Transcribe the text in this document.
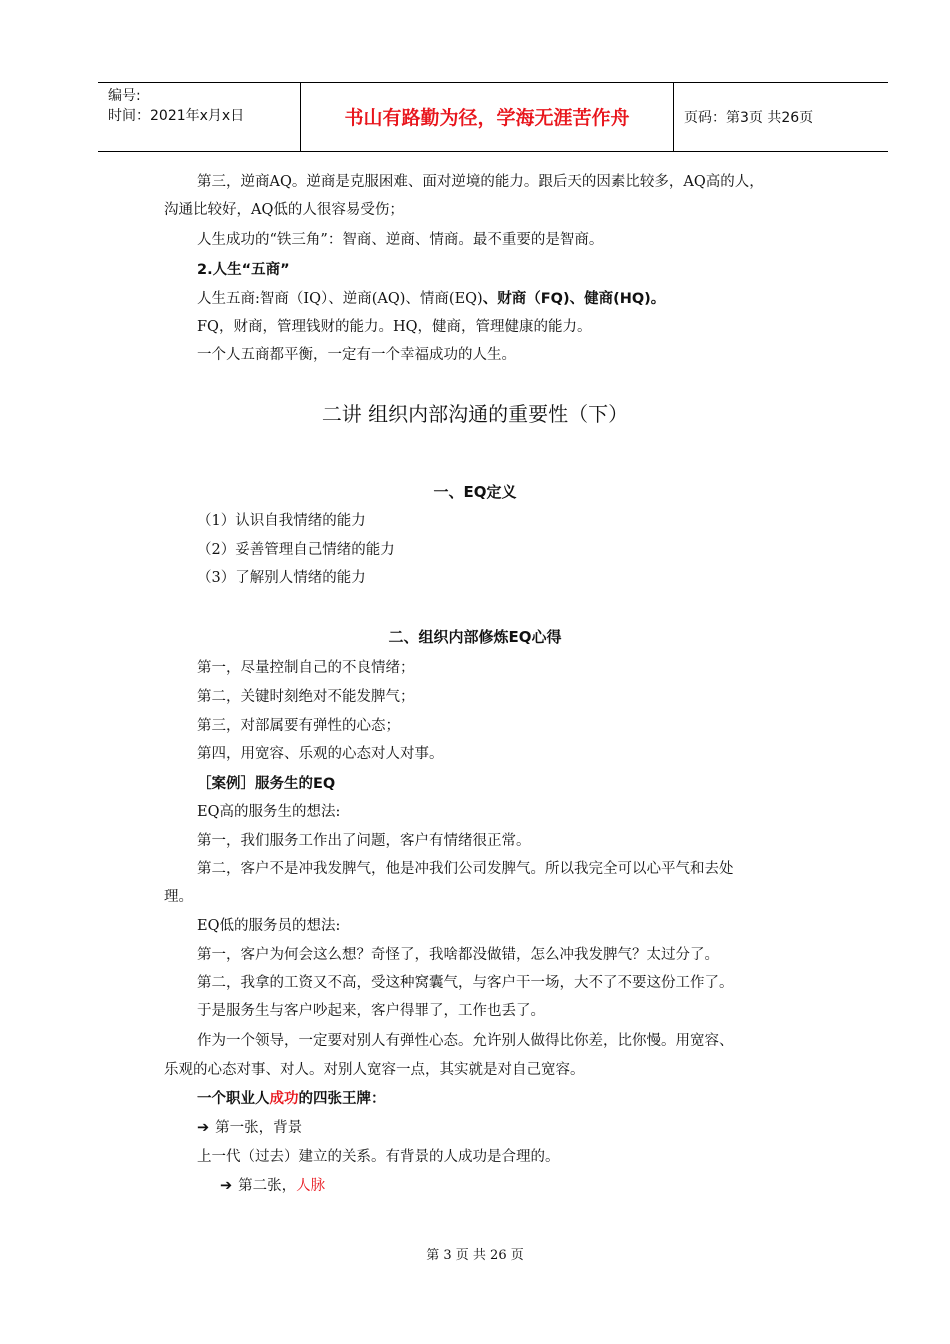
编号:
时间：2021年x月x日	书山有路勤为径，学海无涯苦作舟	页码：第3页 共26页
第三，逆商AQ。逆商是克服困难、面对逆境的能力。跟后天的因素比较多，AQ高的人，
沟通比较好，AQ低的人很容易受伤；
人生成功的“铁三角”：智商、逆商、情商。最不重要的是智商。
2.人生“五商”
人生五商:智商（IQ）、逆商(AQ)、情商(EQ)、财商（FQ)、健商(HQ)。
FQ，财商，管理钱财的能力。HQ，健商，管理健康的能力。
一个人五商都平衡，一定有一个幸福成功的人生。
二讲 组织内部沟通的重要性（下）
一、EQ定义
（1）认识自我情绪的能力
（2）妥善管理自己情绪的能力
（3）了解别人情绪的能力
二、组织内部修炼EQ心得
第一，尽量控制自己的不良情绪；
第二，关键时刻绝对不能发脾气；
第三，对部属要有弹性的心态；
第四，用宽容、乐观的心态对人对事。
［案例］服务生的EQ
EQ高的服务生的想法:
第一，我们服务工作出了问题，客户有情绪很正常。
第二，客户不是冲我发脾气，他是冲我们公司发脾气。所以我完全可以心平气和去处
理。
EQ低的服务员的想法:
第一，客户为何会这么想？奇怪了，我啥都没做错，怎么冲我发脾气？太过分了。
第二，我拿的工资又不高，受这种窝囊气，与客户干一场，大不了不要这份工作了。
于是服务生与客户吵起来，客户得罪了，工作也丢了。
作为一个领导，一定要对别人有弹性心态。允许别人做得比你差，比你慢。用宽容、
乐观的心态对事、对人。对别人宽容一点，其实就是对自己宽容。
一个职业人成功的四张王牌：
➔ 第一张，背景
上一代（过去）建立的关系。有背景的人成功是合理的。
➔ 第二张，人脉
第 3 页 共 26 页
